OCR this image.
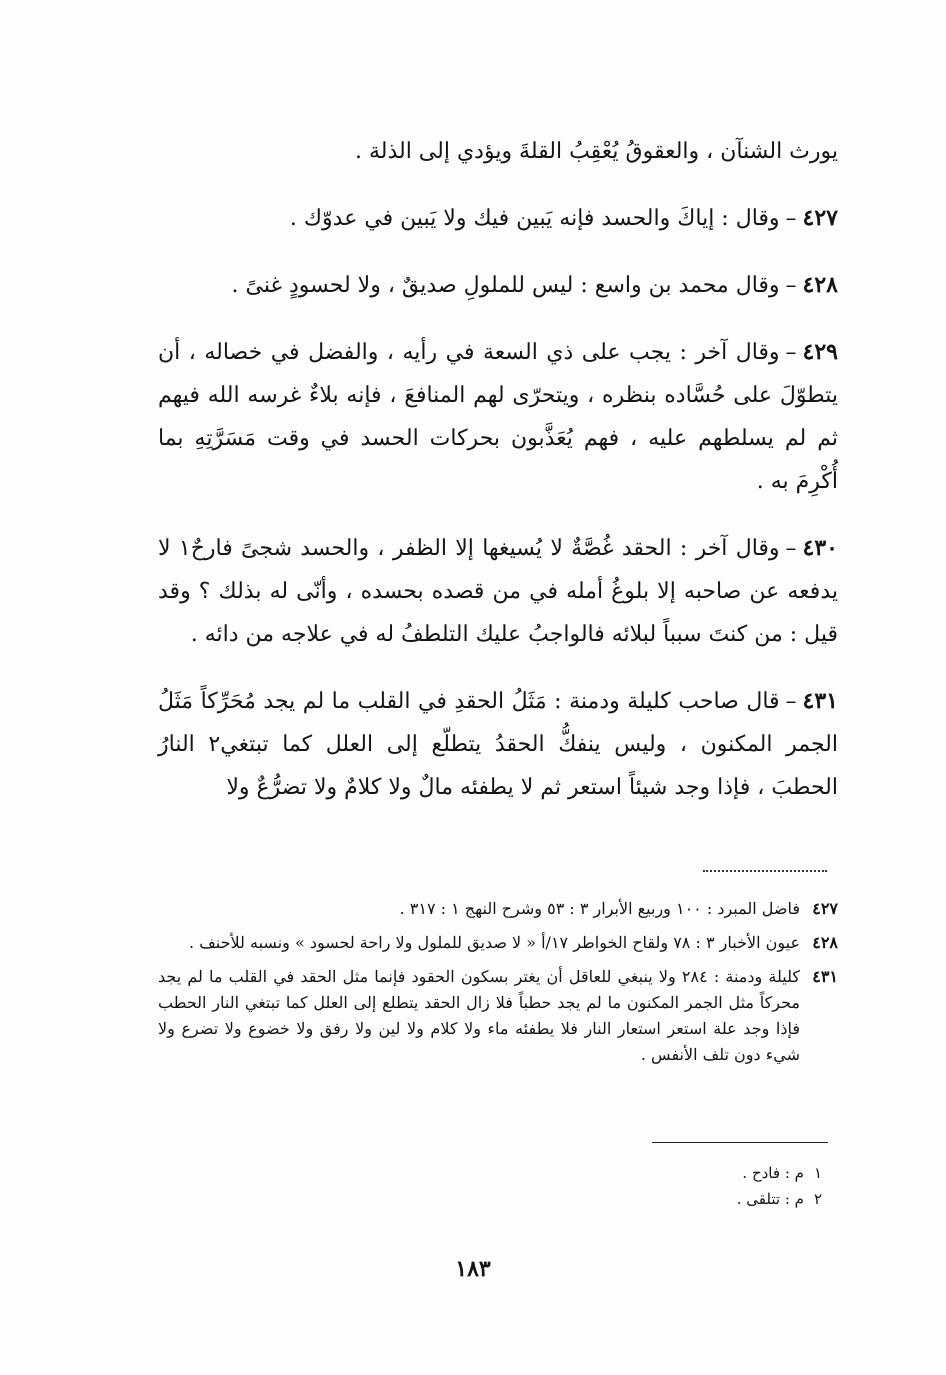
يورث الشنآن ، والعقوقُ يُعْقِبُ القلةَ ويؤدي إلى الذلة .

٤٢٧–وقال : إياكَ والحسد فإنه يَبين فيك ولا يَبين في عدوّك .

٤٢٨–وقال محمد بن واسع : ليس للملولِ صديقٌ ، ولا لحسودٍ غنىً .

٤٢٩–وقال آخر : يجب على ذي السعة في رأيه ، والفضل في خصاله ، أن يتطوّلَ على حُسَّاده بنظره ، ويتحرّى لهم المنافعَ ، فإنه بلاءٌ غرسه الله فيهم ثم لم يسلطهم عليه ، فهم يُعَذَّبون بحركات الحسد في وقت مَسَرَّتِهِ بما أُكْرِمَ به .

٤٣٠–وقال آخر : الحقد غُصَّةٌ لا يُسيغها إلا الظفر ، والحسد شجىً فارحٌ١ لا يدفعه عن صاحبه إلا بلوغُ أمله في من قصده بحسده ، وأنّى له بذلك ؟ وقد قيل : من كنتَ سبباً لبلائه فالواجبُ عليك التلطفُ له في علاجه من دائه .

٤٣١–قال صاحب كليلة ودمنة : مَثَلُ الحقدِ في القلب ما لم يجد مُحَرِّكاً مَثَلُ الجمر المكنون ، وليس ينفكُّ الحقدُ يتطلّع إلى العلل كما تبتغي٢ النارُ الحطبَ ، فإذا وجد شيئاً استعر ثم لا يطفئه مالٌ ولا كلامٌ ولا تضرُّعٌ ولا

٤٢٧
فاضل المبرد : ١٠٠ وربيع الأبرار ٣ : ٥٣ وشرح النهج ١ : ٣١٧ .
٤٢٨
عيون الأخبار ٣ : ٧٨ ولقاح الخواطر ١٧/أ « لا صديق للملول ولا راحة لحسود » ونسبه للأحنف .
٤٣١
كليلة ودمنة : ٢٨٤ ولا ينبغي للعاقل أن يغتر بسكون الحقود فإنما مثل الحقد في القلب ما لم يجد محركاً مثل الجمر المكنون ما لم يجد حطباً فلا زال الحقد يتطلع إلى العلل كما تبتغي النار الحطب فإذا وجد علة استعر استعار النار فلا يطفئه ماء ولا كلام ولا لين ولا رفق ولا خضوع ولا تضرع ولا شيء دون تلف الأنفس .
١
م : فادح .
٢
م : تتلقى .
١٨٣
